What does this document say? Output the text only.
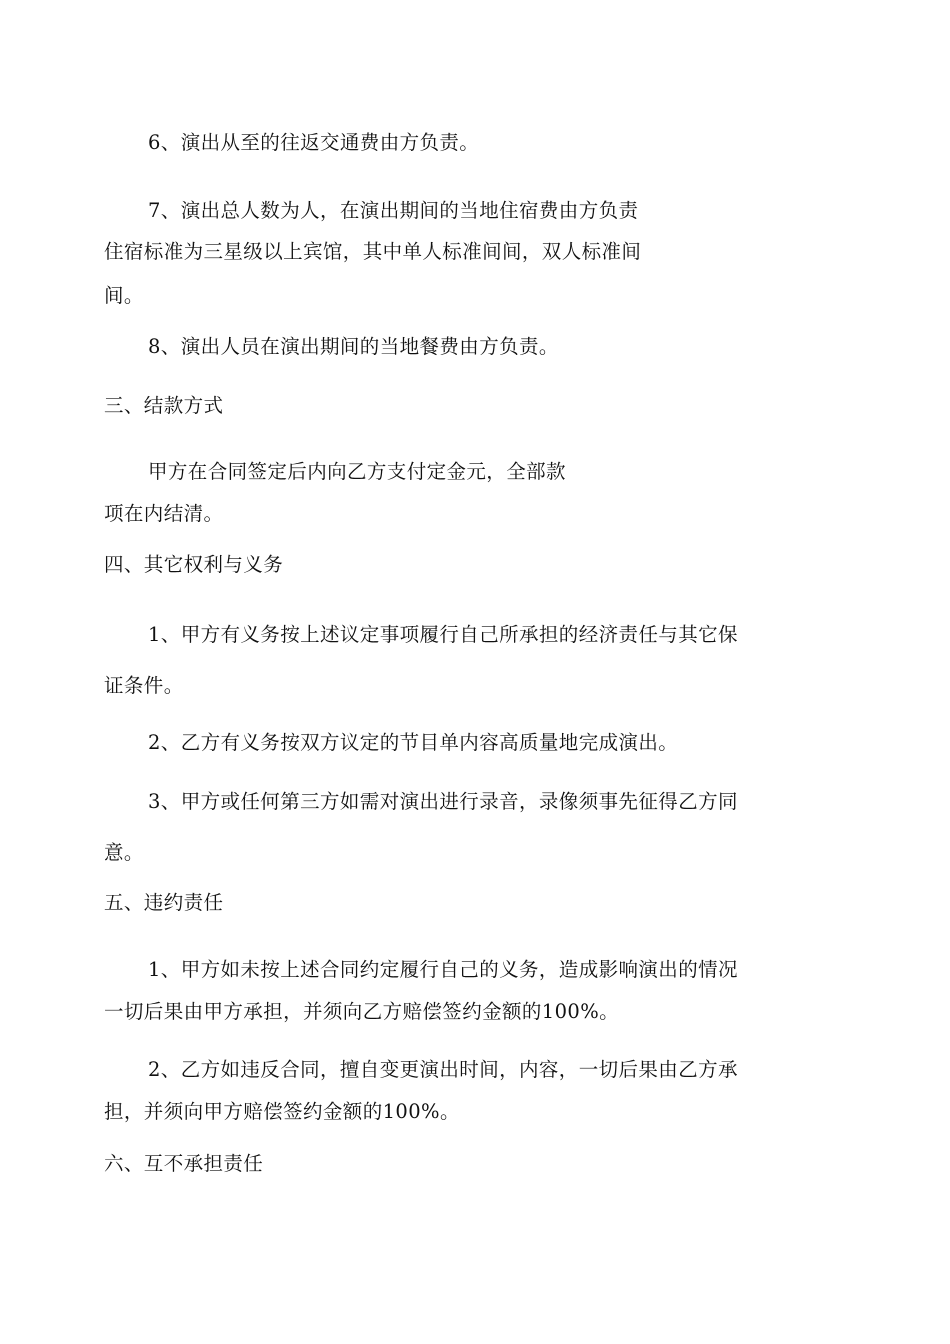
6、演出从至的往返交通费由方负责。
7、演出总人数为人，在演出期间的当地住宿费由方负责
住宿标准为三星级以上宾馆，其中单人标准间间，双人标准间
间。
8、演出人员在演出期间的当地餐费由方负责。
三、结款方式
甲方在合同签定后内向乙方支付定金元，全部款
项在内结清。
四、其它权利与义务
1、甲方有义务按上述议定事项履行自己所承担的经济责任与其它保
证条件。
2、乙方有义务按双方议定的节目单内容高质量地完成演出。
3、甲方或任何第三方如需对演出进行录音，录像须事先征得乙方同
意。
五、违约责任
1、甲方如未按上述合同约定履行自己的义务，造成影响演出的情况
一切后果由甲方承担，并须向乙方赔偿签约金额的100%。
2、乙方如违反合同，擅自变更演出时间，内容，一切后果由乙方承
担，并须向甲方赔偿签约金额的100%。
六、互不承担责任
